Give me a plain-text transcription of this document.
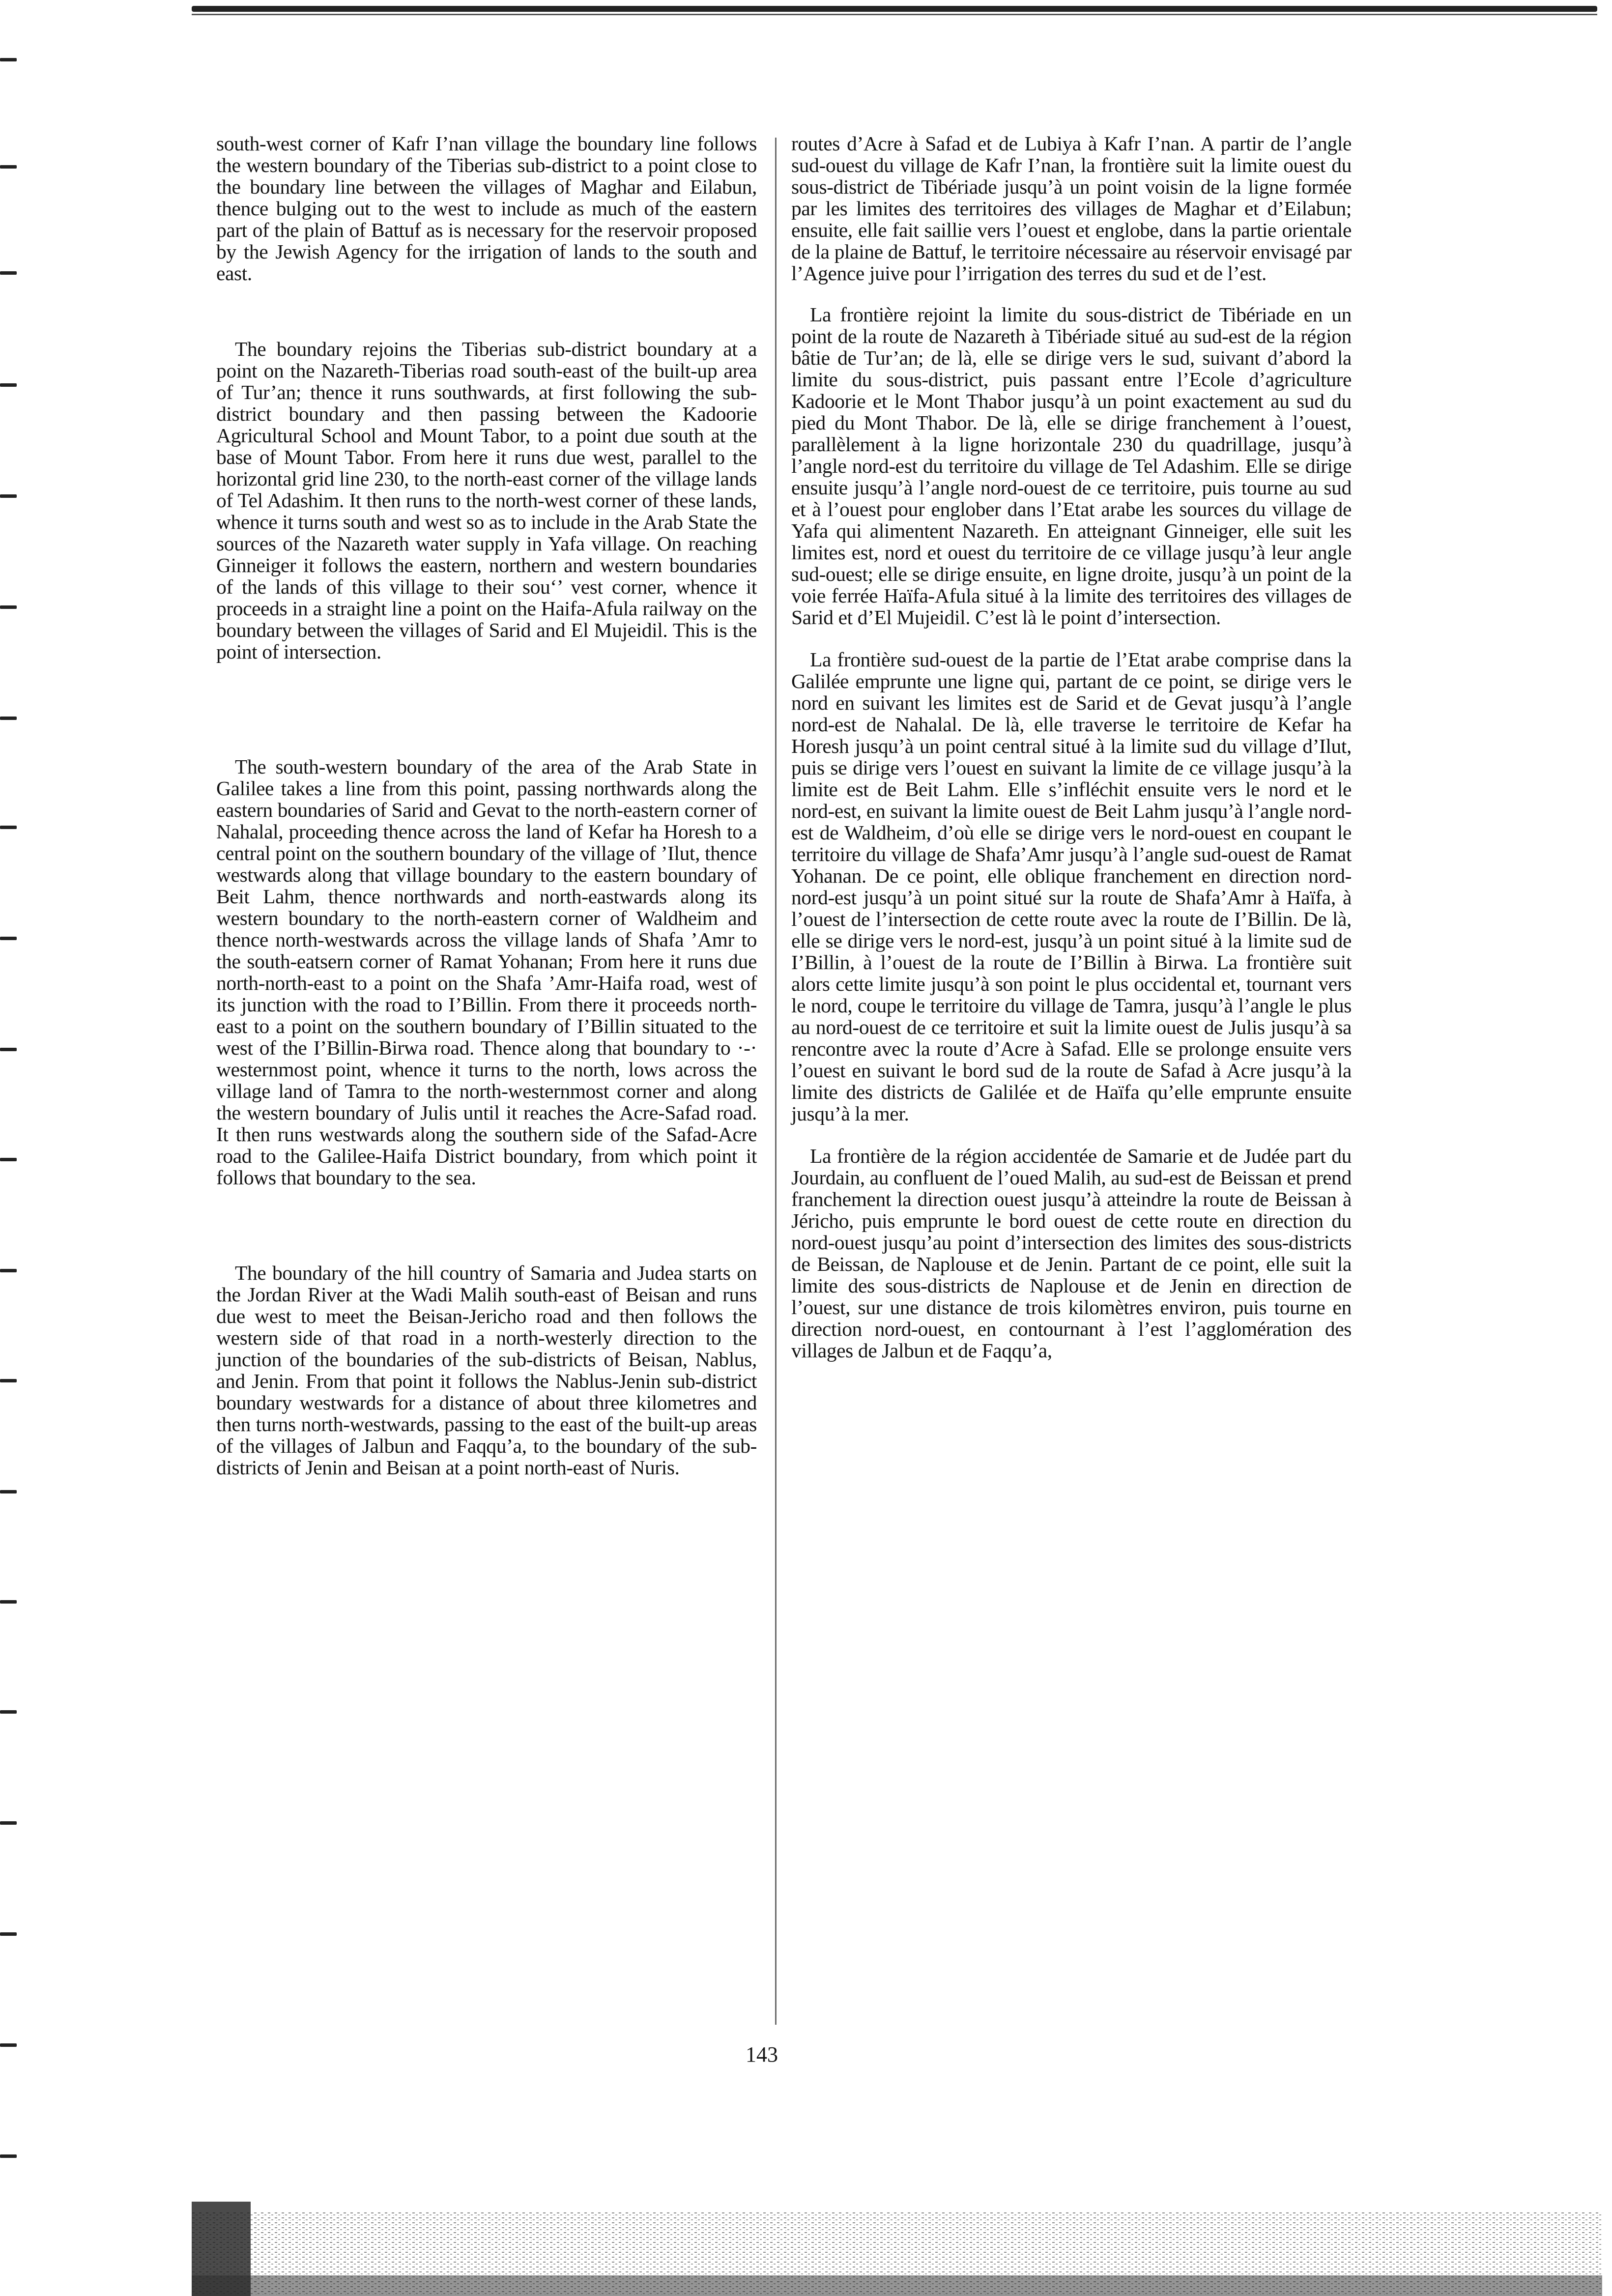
south-west corner of Kafr I’nan village the boundary line follows the western boundary of the Tiberias sub-district to a point close to the boundary line between the villages of Maghar and Eilabun, thence bulging out to the west to include as much of the eastern part of the plain of Battuf as is necessary for the reservoir proposed by the Jewish Agency for the irrigation of lands to the south and east.

The boundary rejoins the Tiberias sub-district boundary at a point on the Nazareth-Tiberias road south-east of the built-up area of Tur’an; thence it runs southwards, at first following the sub-district boundary and then passing between the Kadoorie Agricultural School and Mount Tabor, to a point due south at the base of Mount Tabor. From here it runs due west, parallel to the horizontal grid line 230, to the north-east corner of the village lands of Tel Adashim. It then runs to the north-west corner of these lands, whence it turns south and west so as to include in the Arab State the sources of the Nazareth water supply in Yafa village. On reaching Ginneiger it follows the eastern, northern and western boundaries of the lands of this village to their sou‘’ vest corner, whence it proceeds in a straight line a point on the Haifa-Afula railway on the boundary between the villages of Sarid and El Mujeidil. This is the point of intersection.

The south-western boundary of the area of the Arab State in Galilee takes a line from this point, passing northwards along the eastern boundaries of Sarid and Gevat to the north-eastern corner of Nahalal, proceeding thence across the land of Kefar ha Horesh to a central point on the southern boundary of the village of ’Ilut, thence westwards along that village boundary to the eastern boundary of Beit Lahm, thence northwards and north-eastwards along its western boundary to the north-eastern corner of Waldheim and thence north-westwards across the village lands of Shafa ’Amr to the south-eatsern corner of Ramat Yohanan; From here it runs due north-north-east to a point on the Shafa ’Amr-Haifa road, west of its junction with the road to I’Billin. From there it proceeds north-east to a point on the southern boundary of I’Billin situated to the west of the I’Billin-Birwa road. Thence along that boundary to ·-· westernmost point, whence it turns to the north, lows across the village land of Tamra to the north-westernmost corner and along the western boundary of Julis until it reaches the Acre-Safad road. It then runs westwards along the southern side of the Safad-Acre road to the Galilee-Haifa District boundary, from which point it follows that boundary to the sea.

The boundary of the hill country of Samaria and Judea starts on the Jordan River at the Wadi Malih south-east of Beisan and runs due west to meet the Beisan-Jericho road and then follows the western side of that road in a north-westerly direction to the junction of the boundaries of the sub-districts of Beisan, Nablus, and Jenin. From that point it follows the Nablus-Jenin sub-district boundary westwards for a distance of about three kilometres and then turns north-westwards, passing to the east of the built-up areas of the villages of Jalbun and Faqqu’a, to the boundary of the sub-districts of Jenin and Beisan at a point north-east of Nuris.

routes d’Acre à Safad et de Lubiya à Kafr I’nan. A partir de l’angle sud-ouest du village de Kafr I’nan, la frontière suit la limite ouest du sous-district de Tibériade jusqu’à un point voisin de la ligne formée par les limites des territoires des villages de Maghar et d’Eilabun; ensuite, elle fait saillie vers l’ouest et englobe, dans la partie orientale de la plaine de Battuf, le territoire nécessaire au réservoir envisagé par l’Agence juive pour l’irrigation des terres du sud et de l’est.

La frontière rejoint la limite du sous-district de Tibériade en un point de la route de Nazareth à Tibériade situé au sud-est de la région bâtie de Tur’an; de là, elle se dirige vers le sud, suivant d’abord la limite du sous-district, puis passant entre l’Ecole d’agriculture Kadoorie et le Mont Thabor jusqu’à un point exactement au sud du pied du Mont Thabor. De là, elle se dirige franchement à l’ouest, parallèlement à la ligne horizontale 230 du quadrillage, jusqu’à l’angle nord-est du territoire du village de Tel Adashim. Elle se dirige ensuite jusqu’à l’angle nord-ouest de ce territoire, puis tourne au sud et à l’ouest pour englober dans l’Etat arabe les sources du village de Yafa qui alimentent Nazareth. En atteignant Ginneiger, elle suit les limites est, nord et ouest du territoire de ce village jusqu’à leur angle sud-ouest; elle se dirige ensuite, en ligne droite, jusqu’à un point de la voie ferrée Haïfa-Afula situé à la limite des territoires des villages de Sarid et d’El Mujeidil. C’est là le point d’intersection.

La frontière sud-ouest de la partie de l’Etat arabe comprise dans la Galilée emprunte une ligne qui, partant de ce point, se dirige vers le nord en suivant les limites est de Sarid et de Gevat jusqu’à l’angle nord-est de Nahalal. De là, elle traverse le territoire de Kefar ha Horesh jusqu’à un point central situé à la limite sud du village d’Ilut, puis se dirige vers l’ouest en suivant la limite de ce village jusqu’à la limite est de Beit Lahm. Elle s’infléchit ensuite vers le nord et le nord-est, en suivant la limite ouest de Beit Lahm jusqu’à l’angle nord-est de Waldheim, d’où elle se dirige vers le nord-ouest en coupant le territoire du village de Shafa’Amr jusqu’à l’angle sud-ouest de Ramat Yohanan. De ce point, elle oblique franchement en direction nord-nord-est jusqu’à un point situé sur la route de Shafa’Amr à Haïfa, à l’ouest de l’intersection de cette route avec la route de I’Billin. De là, elle se dirige vers le nord-est, jusqu’à un point situé à la limite sud de I’Billin, à l’ouest de la route de I’Billin à Birwa. La frontière suit alors cette limite jusqu’à son point le plus occidental et, tournant vers le nord, coupe le territoire du village de Tamra, jusqu’à l’angle le plus au nord-ouest de ce territoire et suit la limite ouest de Julis jusqu’à sa rencontre avec la route d’Acre à Safad. Elle se prolonge ensuite vers l’ouest en suivant le bord sud de la route de Safad à Acre jusqu’à la limite des districts de Galilée et de Haïfa qu’elle emprunte ensuite jusqu’à la mer.

La frontière de la région accidentée de Samarie et de Judée part du Jourdain, au confluent de l’oued Malih, au sud-est de Beissan et prend franchement la direction ouest jusqu’à atteindre la route de Beissan à Jéricho, puis emprunte le bord ouest de cette route en direction du nord-ouest jusqu’au point d’intersection des limites des sous-districts de Beissan, de Naplouse et de Jenin. Partant de ce point, elle suit la limite des sous-districts de Naplouse et de Jenin en direction de l’ouest, sur une distance de trois kilomètres environ, puis tourne en direction nord-ouest, en contournant à l’est l’agglomération des villages de Jalbun et de Faqqu’a,

143
